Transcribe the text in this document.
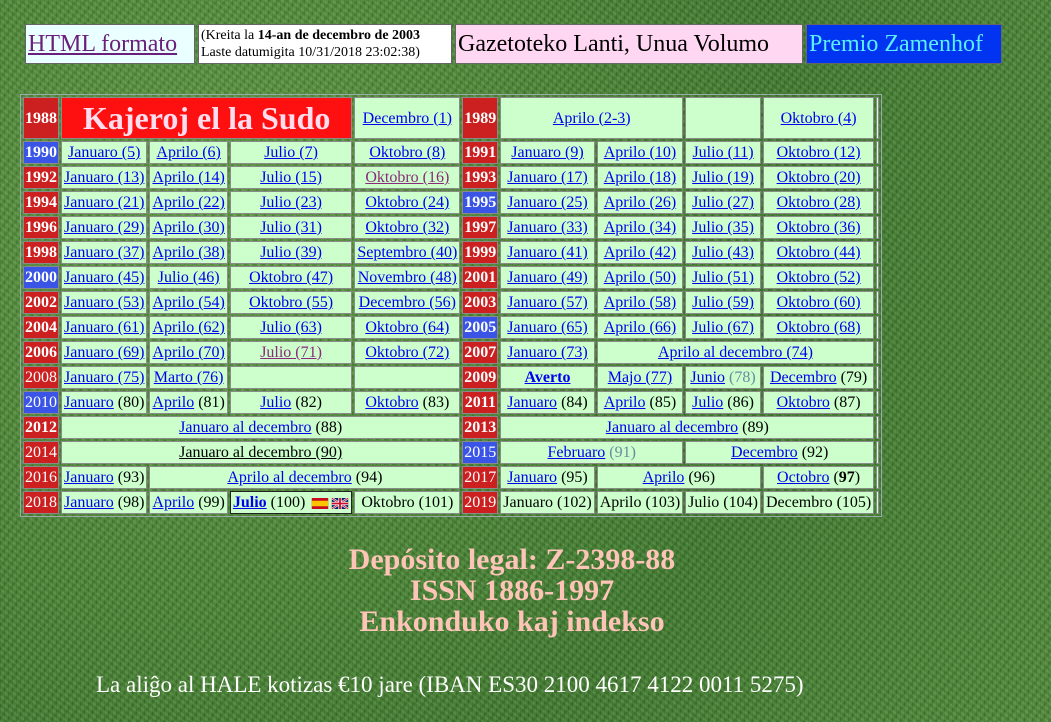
HTML formato	(Kreita la 14-an de decembro de 2003
Laste datumigita 10/31/2018 23:02:38)	Gazetoteko Lanti, Unua Volumo	Premio Zamenhof
1988	Kajeroj el la Sudo			Decembro (1)	1989	Aprilo (2-3)			Oktobro (4)	
1990	Januaro (5)	Aprilo (6)	Julio (7)	Oktobro (8)	1991	Januaro (9)	Aprilo (10)	Julio (11)	Oktobro (12)	
1992	Januaro (13)	Aprilo (14)	Julio (15)	Oktobro (16)	1993	Januaro (17)	Aprilo (18)	Julio (19)	Oktobro (20)	
1994	Januaro (21)	Aprilo (22)	Julio (23)	Oktobro (24)	1995	Januaro (25)	Aprilo (26)	Julio (27)	Oktobro (28)	
1996	Januaro (29)	Aprilo (30)	Julio (31)	Oktobro (32)	1997	Januaro (33)	Aprilo (34)	Julio (35)	Oktobro (36)	
1998	Januaro (37)	Aprilo (38)	Julio (39)	Septembro (40)	1999	Januaro (41)	Aprilo (42)	Julio (43)	Oktobro (44)	
2000	Januaro (45)	Julio (46)	Oktobro (47)	Novembro (48)	2001	Januaro (49)	Aprilo (50)	Julio (51)	Oktobro (52)	
2002	Januaro (53)	Aprilo (54)	Oktobro (55)	Decembro (56)	2003	Januaro (57)	Aprilo (58)	Julio (59)	Oktobro (60)	
2004	Januaro (61)	Aprilo (62)	Julio (63)	Oktobro (64)	2005	Januaro (65)	Aprilo (66)	Julio (67)	Oktobro (68)	
2006	Januaro (69)	Aprilo (70)	Julio (71)	Oktobro (72)	2007	Januaro (73)	Aprilo al decembro (74)			
2008	Januaro (75)	Marto (76)			2009	Averto	Majo (77)	Junio (78)	Decembro (79)	
2010	Januaro (80)	Aprilo (81)	Julio (82)	Oktobro (83)	2011	Januaro (84)	Aprilo (85)	Julio (86)	Oktobro (87)	
2012	Januaro al decembro (88)				2013	Januaro al decembro (89)				
2014	Januaro al decembro (90)				2015	Februaro (91)		Decembro (92)		
2016	Januaro (93)	Aprilo al decembro (94)			2017	Januaro (95)	Aprilo (96)		Octobro (97)	
2018	Januaro (98)	Aprilo (99)	Julio (100)	Oktobro (101)	2019	Januaro (102)	Aprilo (103)	Julio (104)	Decembro (105)	
Depósito legal: Z-2398-88
ISSN 1886-1997
Enkonduko kaj indekso
La aliĝo al HALE kotizas €10 jare (IBAN ES30 2100 4617 4122 0011 5275)
